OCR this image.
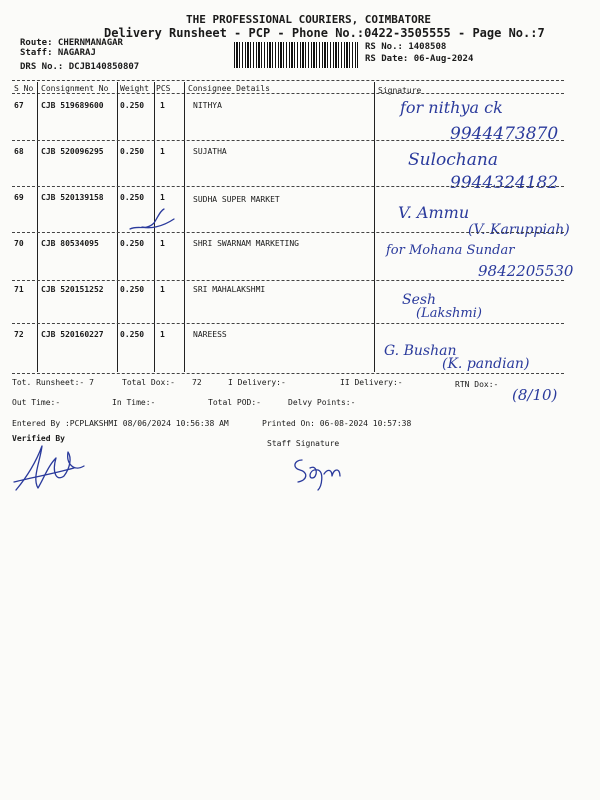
THE PROFESSIONAL COURIERS, COIMBATORE
Delivery Runsheet - PCP - Phone No.:0422-3505555 - Page No.:7
Route: CHERNMANAGAR
Staff: NAGARAJ
DRS No.: DCJB140850807
RS No.: 1408508
RS Date: 06-Aug-2024
S No Consignment No Weight PCS Consignee Details	Signature
67 CJB 519689600 0.250 1	NITHYA	for nithya ck
9944473870
68 CJB 520096295 0.250 1	SUJATHA	Sulochana
9944324182
69 CJB 520139158 0.250 1	SUDHA SUPER MARKET
V. Ammu
(V. Karuppiah)
70 CJB 80534095	0.250 1	SHRI SWARNAM MARKETING	for Mohana Sundar
9842205530
71 CJB 520151252 0.250 1	SRI MAHALAKSHMI
Sesh
(Lakshmi)
72 CJB 520160227 0.250 1	NAREESS
G. Bushan
(K. pandian)
Tot. Runsheet:- 7	Total Dox:- 72	I Delivery:-	II Delivery:-	RTN Dox:-
(8/10)
Out Time:-	In Time:-	Total POD:-	Delvy Points:-
Entered By :PCPLAKSHMI 08/06/2024 10:56:38 AM	Printed On: 06-08-2024 10:57:38
Verified By
Staff Signature
